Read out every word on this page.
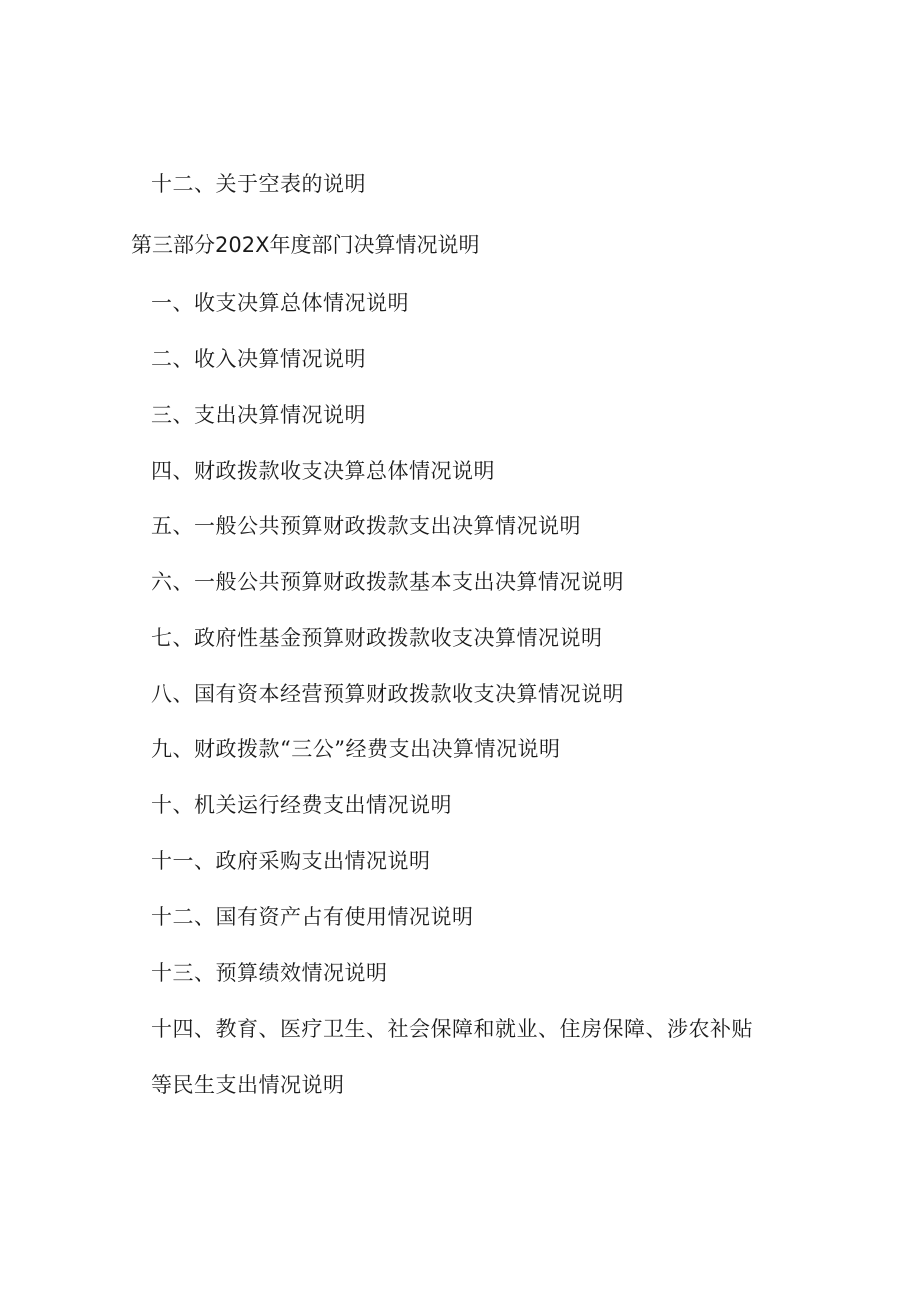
十二、关于空表的说明
第三部分202X年度部门决算情况说明
一、收支决算总体情况说明
二、收入决算情况说明
三、支出决算情况说明
四、财政拨款收支决算总体情况说明
五、一般公共预算财政拨款支出决算情况说明
六、一般公共预算财政拨款基本支出决算情况说明
七、政府性基金预算财政拨款收支决算情况说明
八、国有资本经营预算财政拨款收支决算情况说明
九、财政拨款“三公”经费支出决算情况说明
十、机关运行经费支出情况说明
十一、政府采购支出情况说明
十二、国有资产占有使用情况说明
十三、预算绩效情况说明
十四、教育、医疗卫生、社会保障和就业、住房保障、涉农补贴
等民生支出情况说明
